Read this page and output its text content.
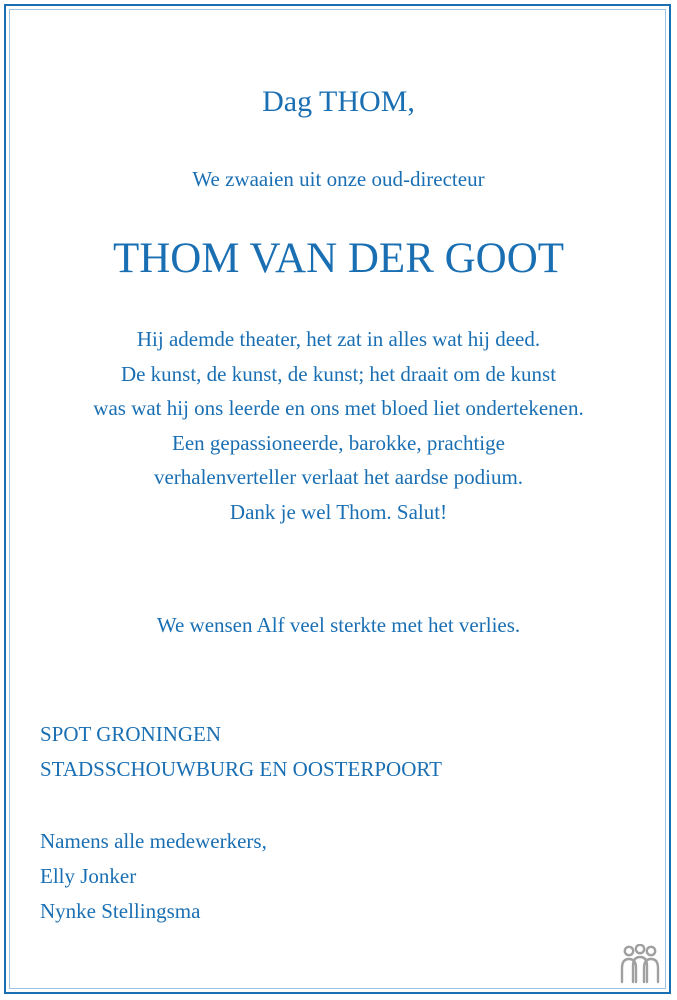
Dag THOM,
We zwaaien uit onze oud-directeur
THOM VAN DER GOOT
Hij ademde theater, het zat in alles wat hij deed.
De kunst, de kunst, de kunst; het draait om de kunst
was wat hij ons leerde en ons met bloed liet ondertekenen.
Een gepassioneerde, barokke, prachtige
verhalenverteller verlaat het aardse podium.
Dank je wel Thom. Salut!
We wensen Alf veel sterkte met het verlies.
SPOT GRONINGEN
STADSSCHOUWBURG EN OOSTERPOORT
Namens alle medewerkers,
Elly Jonker
Nynke Stellingsma
